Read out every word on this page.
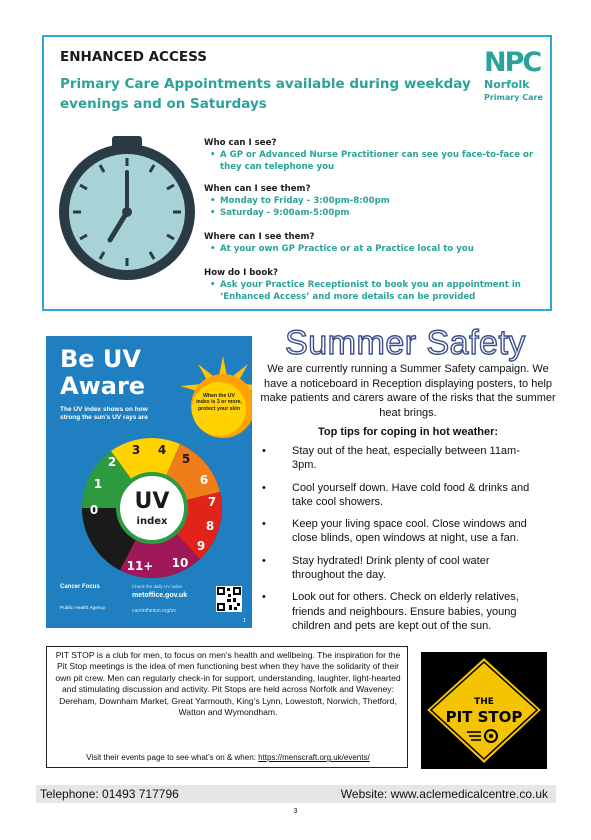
ENHANCED ACCESS
Primary Care Appointments available during weekday evenings and on Saturdays
NPC
Norfolk
Primary Care
Who can I see?
• A GP or Advanced Nurse Practitioner can see you face-to-face or they can telephone you
When can I see them?
• Monday to Friday - 3:00pm-8:00pm
• Saturday - 9:00am-5:00pm
Where can I see them?
• At your own GP Practice or at a Practice local to you
How do I book?
• Ask your Practice Receptionist to book you an appointment in ‘Enhanced Access’ and more details can be provided
Be UV
Aware
The UV index shows on how strong the sun's UV rays are
When the UV index is 3 or more, protect your skin
UV
index
0
1
2
3 4
5
6
7
8
9
10
11+
Cancer Focus
Public Health Agency
Check the daily UV index
metoffice.gov.uk
careinthesun.org/uv
1
Summer Safety
We are currently running a Summer Safety campaign. We have a noticeboard in Reception displaying posters, to help make patients and carers aware of the risks that the summer heat brings.
Top tips for coping in hot weather:
• Stay out of the heat, especially between 11am-3pm.
• Cool yourself down. Have cold food & drinks and take cool showers.
• Keep your living space cool. Close windows and close blinds, open windows at night, use a fan.
• Stay hydrated! Drink plenty of cool water throughout the day.
• Look out for others. Check on elderly relatives, friends and neighbours. Ensure babies, young children and pets are kept out of the sun.
PIT STOP is a club for men, to focus on men’s health and wellbeing. The inspiration for the Pit Stop meetings is the idea of men functioning best when they have the solidarity of their own pit crew. Men can regularly check-in for support, understanding, laughter, light-hearted and stimulating discussion and activity. Pit Stops are held across Norfolk and Waveney: Dereham, Downham Market, Great Yarmouth, King’s Lynn, Lowestoft, Norwich, Thetford, Watton and Wymondham.
Visit their events page to see what’s on & when: https://menscraft.org.uk/events/
THE
PIT STOP
Telephone: 01493 717796	Website: www.aclemedicalcentre.co.uk
3
